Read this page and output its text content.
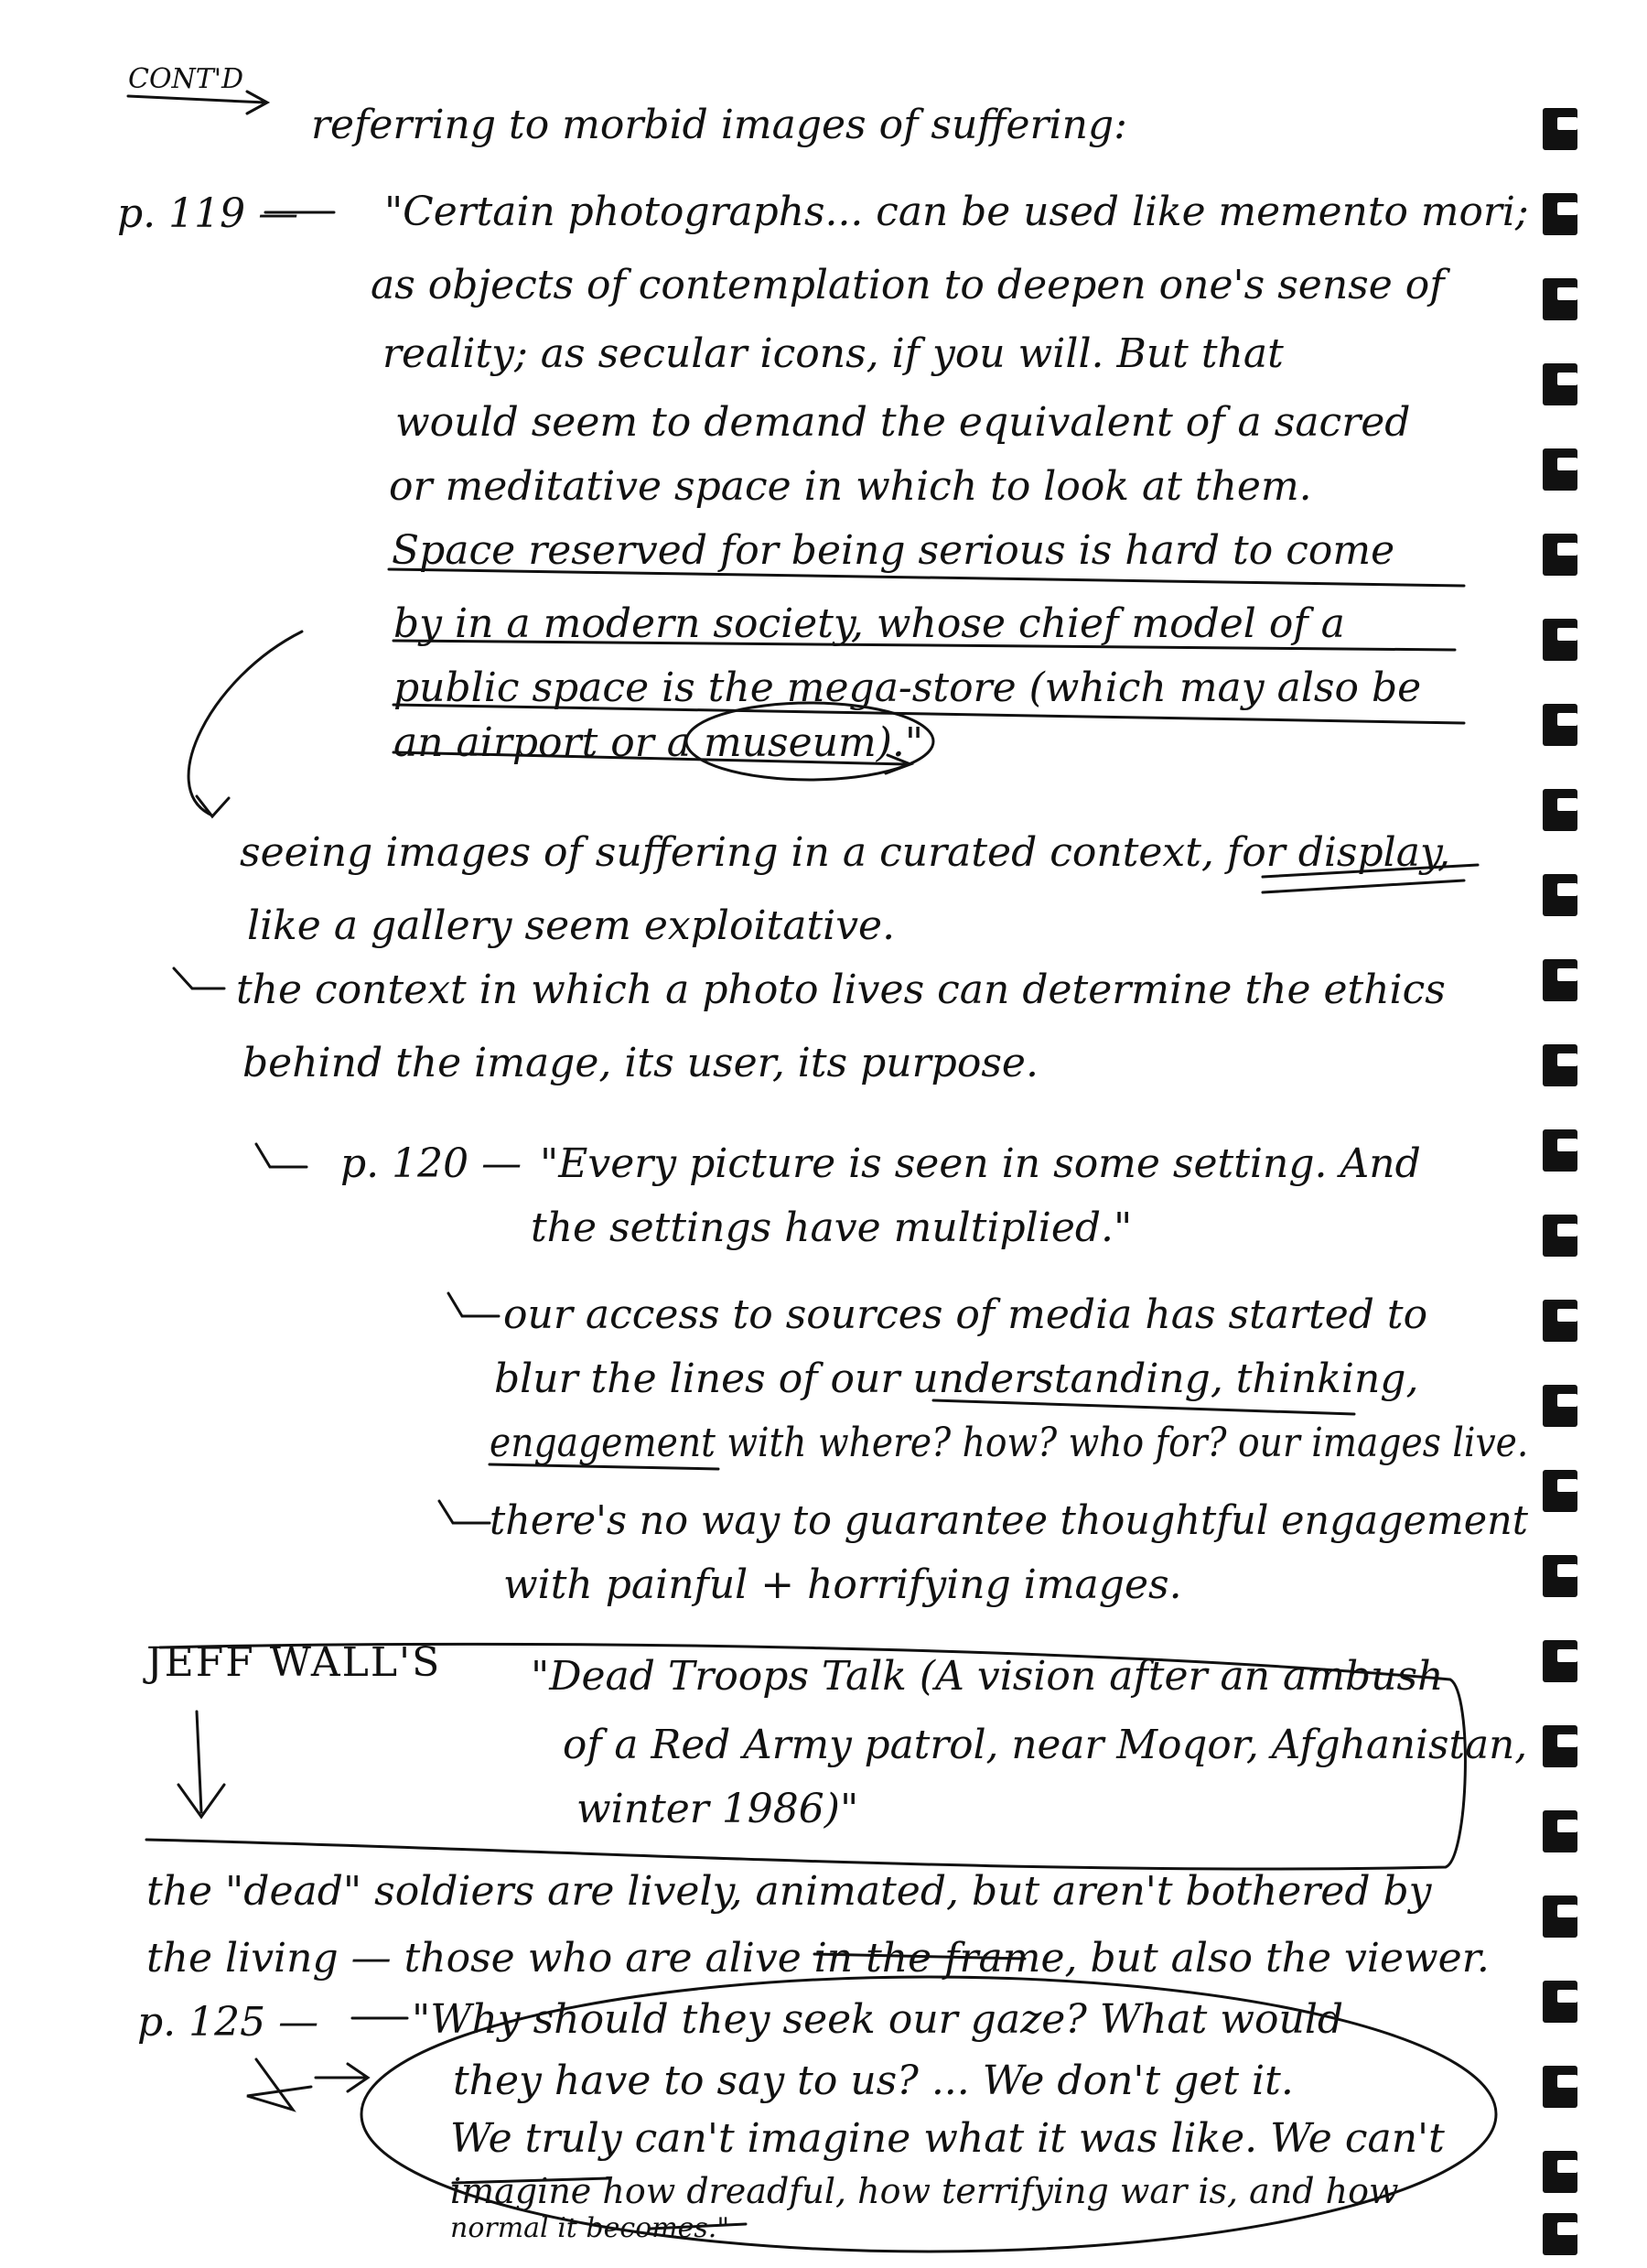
CONT'D
referring to morbid images of suffering:
p. 119 — "Certain photographs... can be used like memento mori;
as objects of contemplation to deepen one's sense of
reality; as secular icons, if you will. But that
would seem to demand the equivalent of a sacred
or meditative space in which to look at them.
Space reserved for being serious is hard to come
by in a modern society, whose chief model of a
public space is the mega-store (which may also be
an airport or a museum)."
seeing images of suffering in a curated context, for display,
like a gallery seem exploitative.
the context in which a photo lives can determine the ethics
behind the image, its user, its purpose.
p. 120 — "Every picture is seen in some setting. And
the settings have multiplied."
our access to sources of media has started to
blur the lines of our understanding, thinking,
engagement with where? how? who for? our images live.
there's no way to guarantee thoughtful engagement
with painful + horrifying images.
JEFF WALL'S "Dead Troops Talk (A vision after an ambush
of a Red Army patrol, near Moqor, Afghanistan,
winter 1986)"
the "dead" soldiers are lively, animated, but aren't bothered by
the living — those who are alive in the frame, but also the viewer.
p. 125 — "Why should they seek our gaze? What would
they have to say to us? ... We don't get it.
We truly can't imagine what it was like. We can't
imagine how dreadful, how terrifying war is, and how
normal it becomes."
